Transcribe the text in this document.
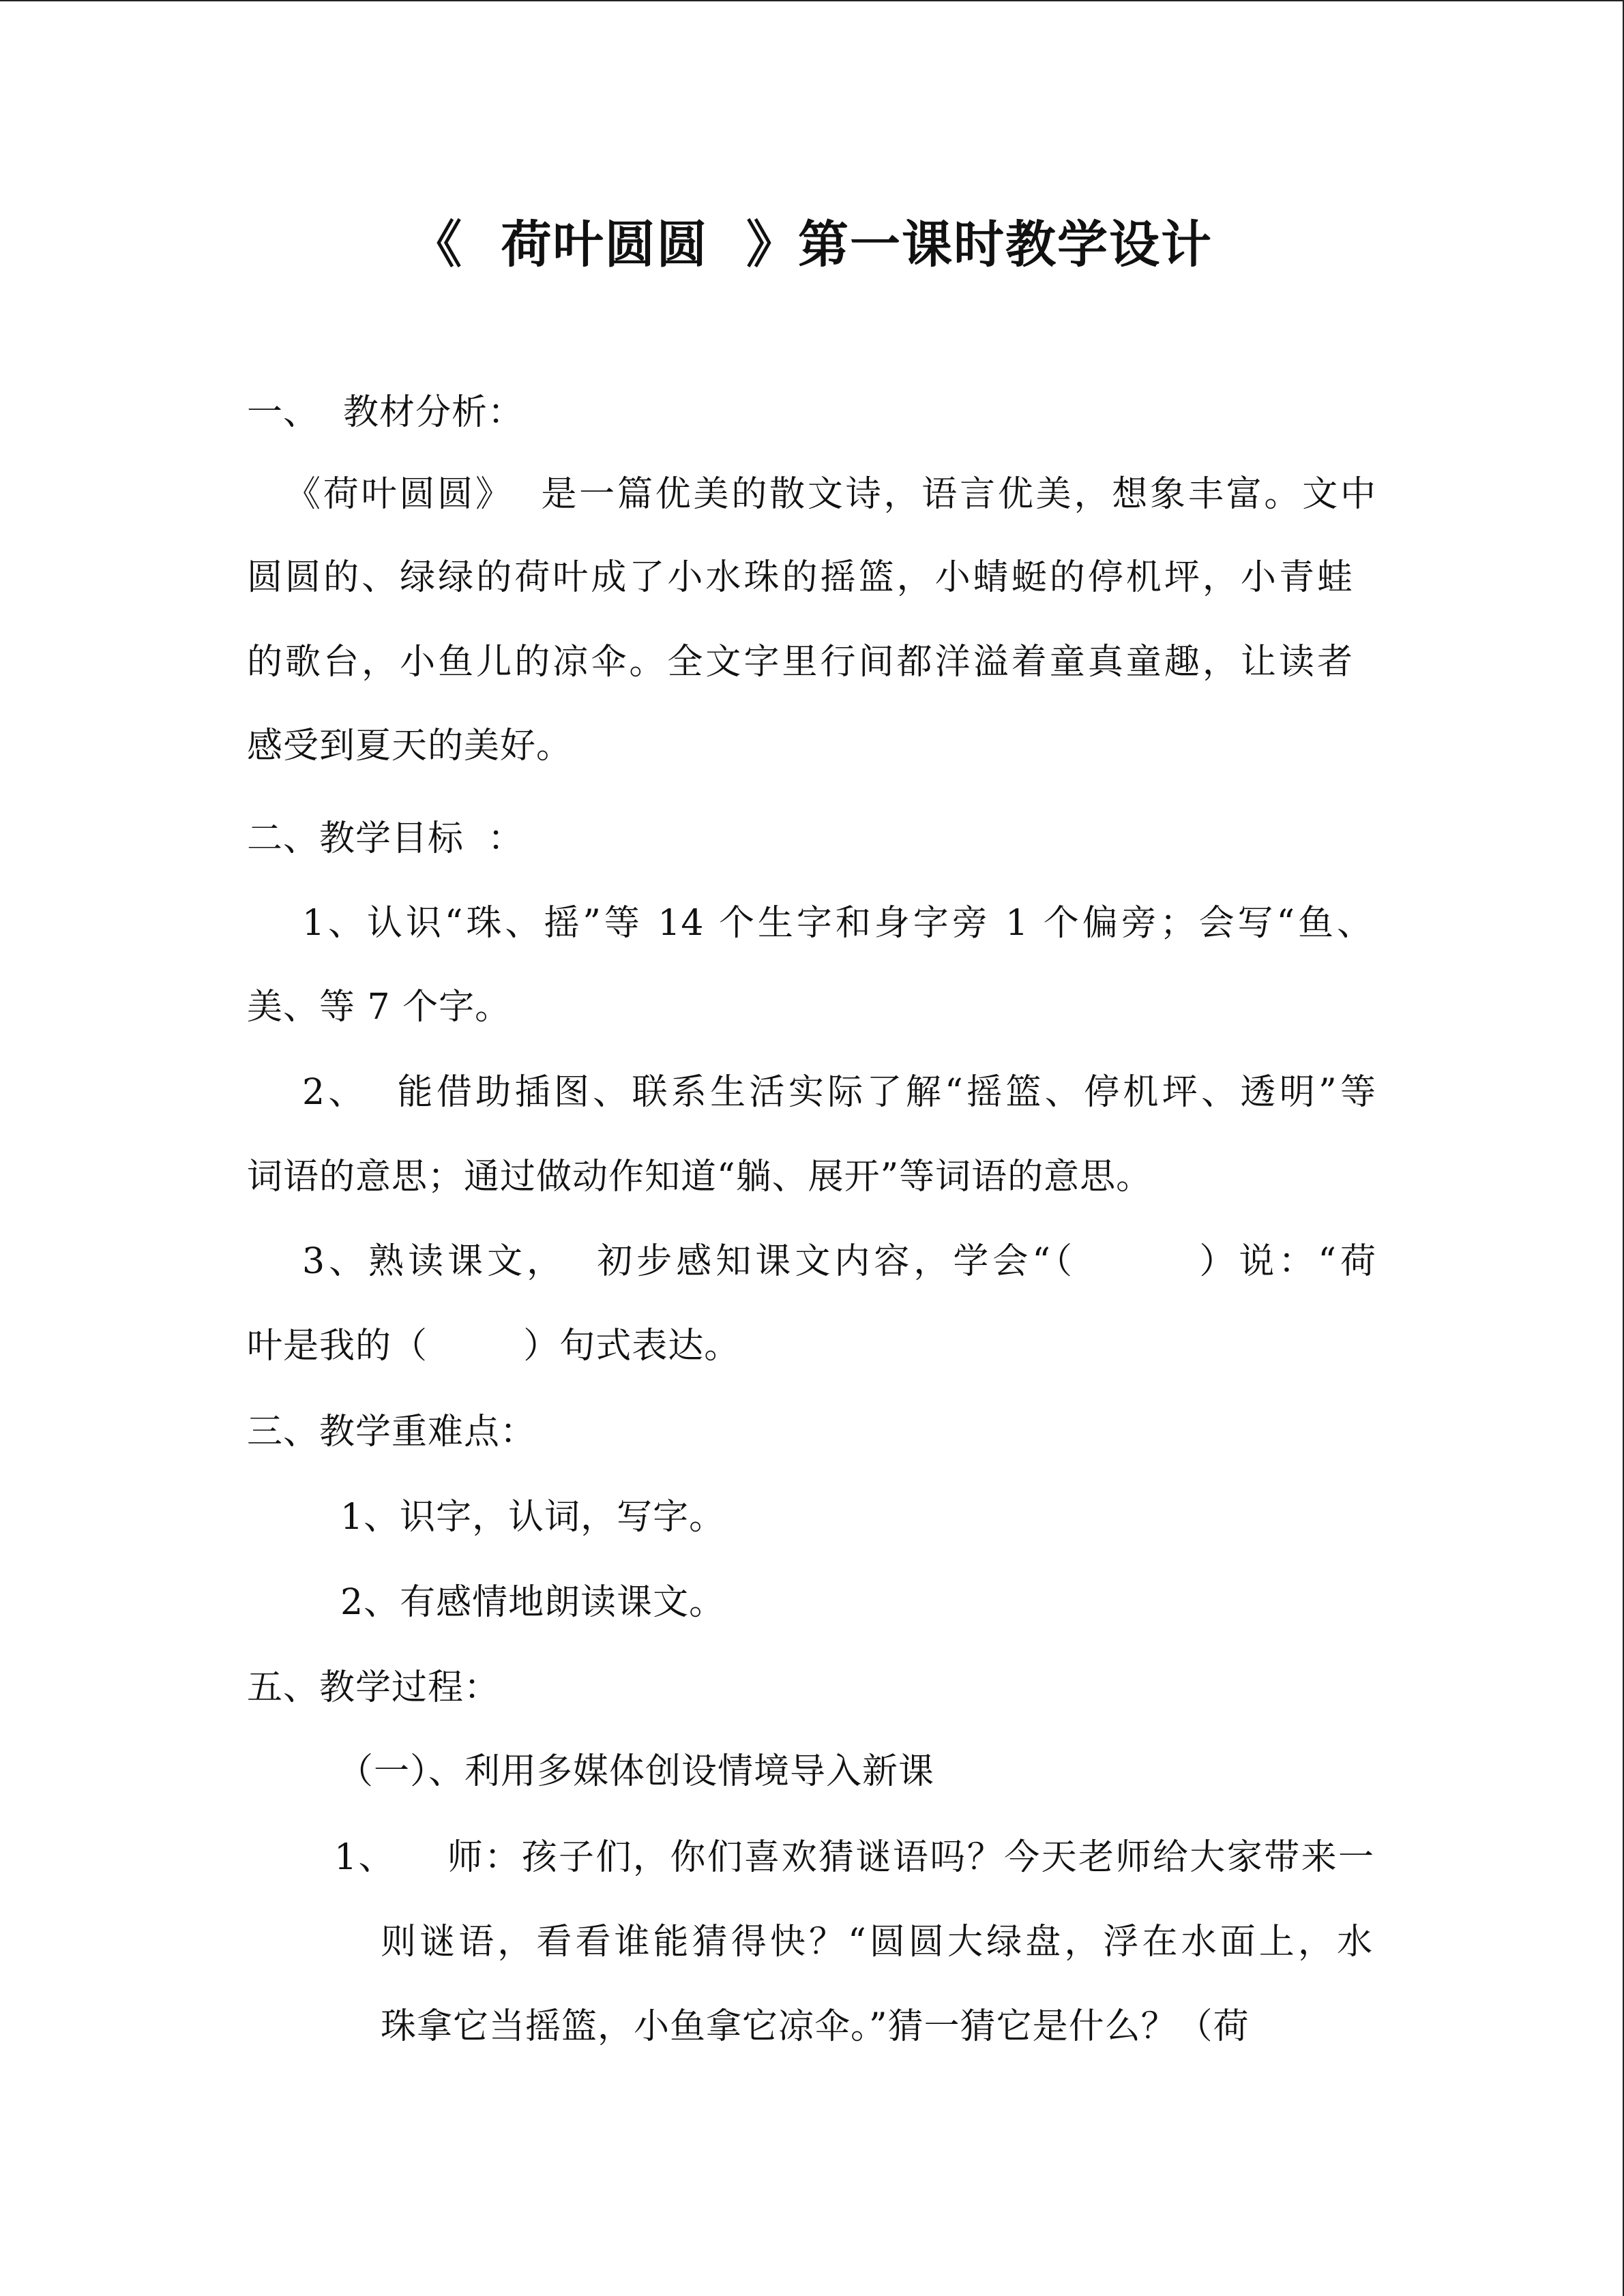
《  荷叶圆圆  》第一课时教学设计
一、  教材分析：
《荷叶圆圆》  是一篇优美的散文诗，语言优美，想象丰富。文中
圆圆的、绿绿的荷叶成了小水珠的摇篮，小蜻蜓的停机坪，小青蛙
的歌台，小鱼儿的凉伞。全文字里行间都洋溢着童真童趣，让读者
感受到夏天的美好。
二、教学目标  ：
1、认识“珠、摇”等 14 个生字和身字旁 1 个偏旁；会写“鱼、
美、等 7 个字。
2、  能借助插图、联系生活实际了解“摇篮、停机坪、透明”等
词语的意思；通过做动作知道“躺、展开”等词语的意思。
3、熟读课文，  初步感知课文内容，学会“（        ）说：“荷
叶是我的（        ）句式表达。
三、教学重难点：
1、识字，认词，写字。
2、有感情地朗读课文。
五、教学过程：
（一）、利用多媒体创设情境导入新课
1、    师：孩子们，你们喜欢猜谜语吗？今天老师给大家带来一
则谜语，看看谁能猜得快？“圆圆大绿盘，浮在水面上，水
珠拿它当摇篮，小鱼拿它凉伞。”猜一猜它是什么？（荷
